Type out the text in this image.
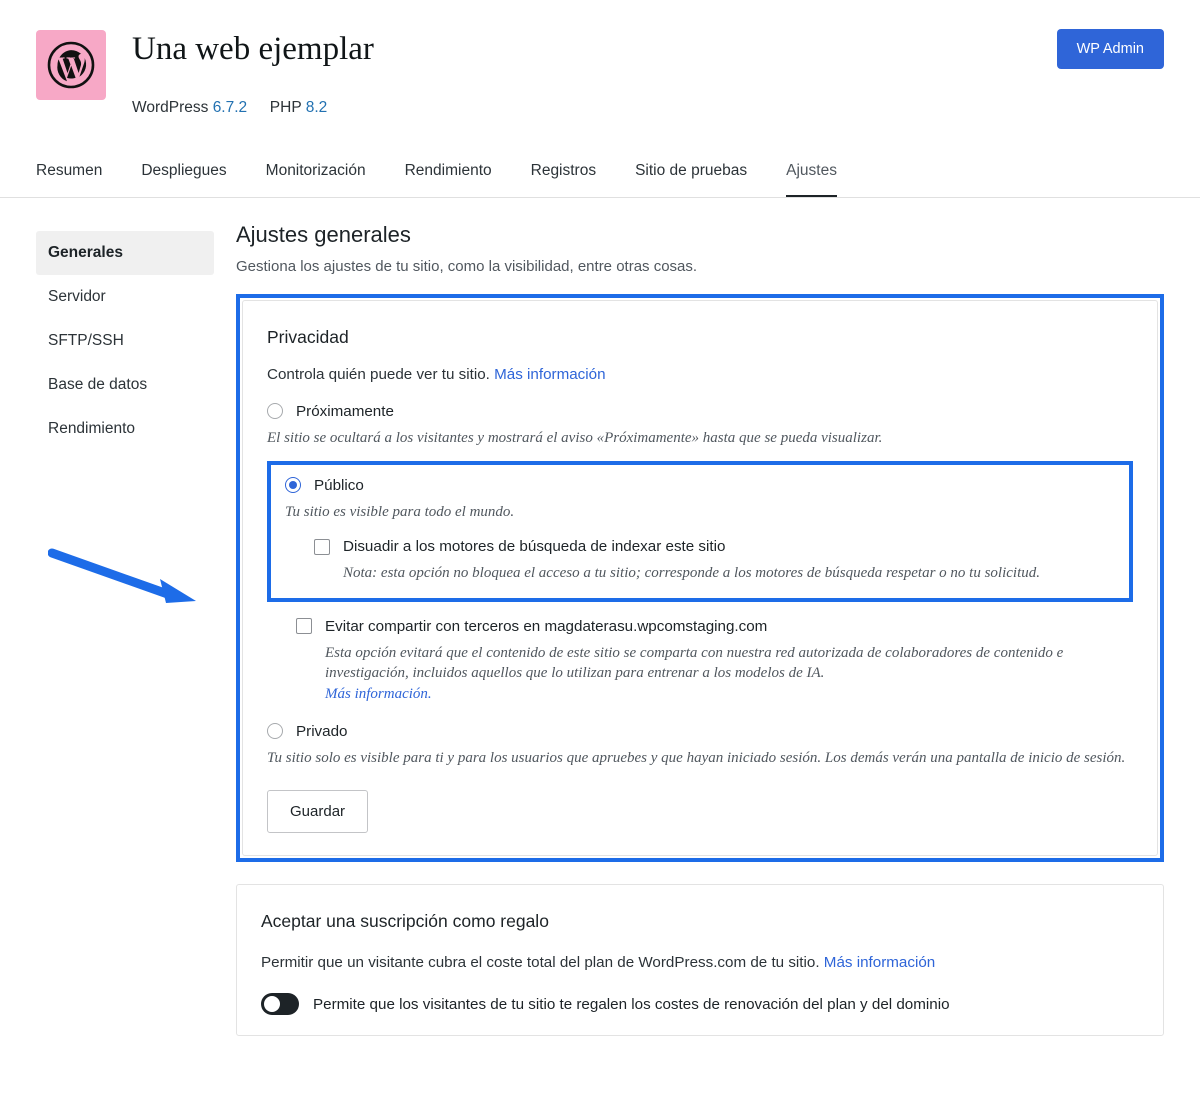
Una web ejemplar
WordPress 6.7.2 PHP 8.2
WP Admin
Resumen	Despliegues	Monitorización	Rendimiento	Registros	Sitio de pruebas	Ajustes
Generales
Servidor
SFTP/SSH
Base de datos
Rendimiento
Ajustes generales

Gestiona los ajustes de tu sitio, como la visibilidad, entre otras cosas.

Privacidad

Controla quién puede ver tu sitio. Más información

Próximamente

El sitio se ocultará a los visitantes y mostrará el aviso «Próximamente» hasta que se pueda visualizar.

Público

Tu sitio es visible para todo el mundo.

Disuadir a los motores de búsqueda de indexar este sitio

Nota: esta opción no bloquea el acceso a tu sitio; corresponde a los motores de búsqueda respetar o no tu solicitud.

Evitar compartir con terceros en magdaterasu.wpcomstaging.com

Esta opción evitará que el contenido de este sitio se comparta con nuestra red autorizada de colaboradores de contenido e investigación, incluidos aquellos que lo utilizan para entrenar a los modelos de IA.
Más información.

Privado

Tu sitio solo es visible para ti y para los usuarios que apruebes y que hayan iniciado sesión. Los demás verán una pantalla de inicio de sesión.

Guardar
Aceptar una suscripción como regalo

Permitir que un visitante cubra el coste total del plan de WordPress.com de tu sitio. Más información

Permite que los visitantes de tu sitio te regalen los costes de renovación del plan y del dominio
